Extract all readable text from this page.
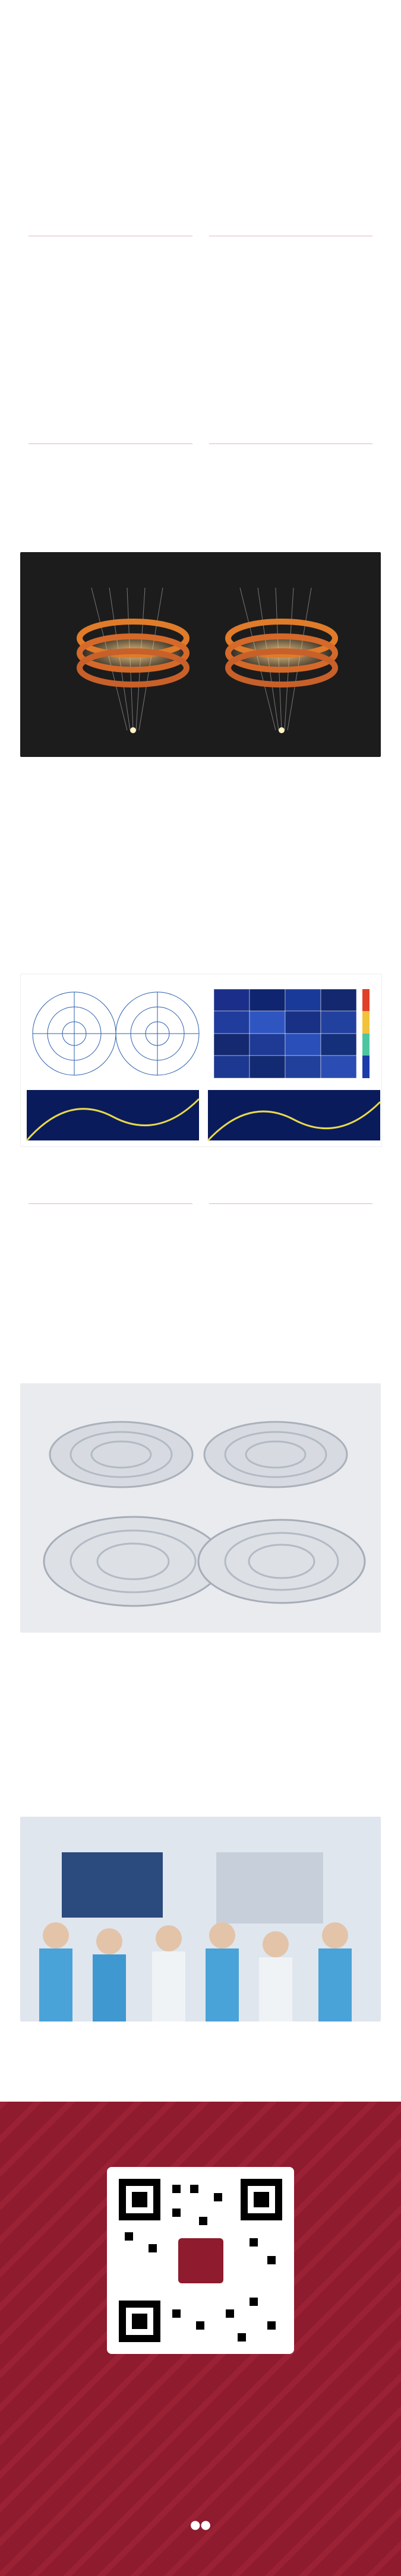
●●
